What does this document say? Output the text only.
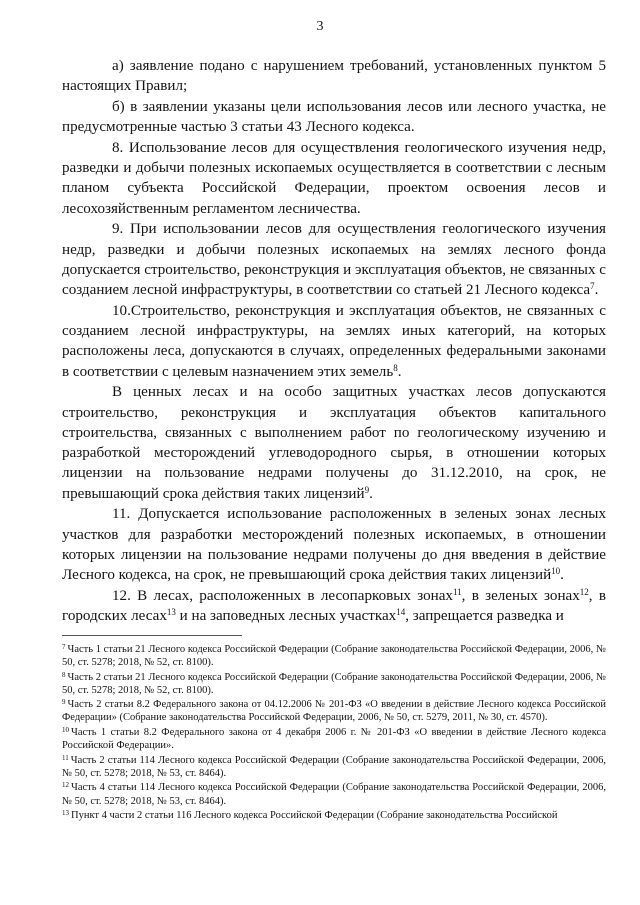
3

а) заявление подано с нарушением требований, установленных пунктом 5 настоящих Правил;

б) в заявлении указаны цели использования лесов или лесного участка, не предусмотренные частью 3 статьи 43 Лесного кодекса.

8. Использование лесов для осуществления геологического изучения недр, разведки и добычи полезных ископаемых осуществляется в соответствии с лесным планом субъекта Российской Федерации, проектом освоения лесов и лесохозяйственным регламентом лесничества.

9. При использовании лесов для осуществления геологического изучения недр, разведки и добычи полезных ископаемых на землях лесного фонда допускается строительство, реконструкция и эксплуатация объектов, не связанных с созданием лесной инфраструктуры, в соответствии со статьей 21 Лесного кодекса$^7$.

10.Строительство, реконструкция и эксплуатация объектов, не связанных с созданием лесной инфраструктуры, на землях иных категорий, на которых расположены леса, допускаются в случаях, определенных федеральными законами в соответствии с целевым назначением этих земель$^8$.

В ценных лесах и на особо защитных участках лесов допускаются строительство, реконструкция и эксплуатация объектов капитального строительства, связанных с выполнением работ по геологическому изучению и разработкой месторождений углеводородного сырья, в отношении которых лицензии на пользование недрами получены до 31.12.2010, на срок, не превышающий срока действия таких лицензий$^9$.

11. Допускается использование расположенных в зеленых зонах лесных участков для разработки месторождений полезных ископаемых, в отношении которых лицензии на пользование недрами получены до дня введения в действие Лесного кодекса, на срок, не превышающий срока действия таких лицензий$^{10}$.

12. В лесах, расположенных в лесопарковых зонах$^{11}$, в зеленых зонах$^{12}$, в городских лесах$^{13}$ и на заповедных лесных участках$^{14}$, запрещается разведка и

$^7$ Часть 1 статьи 21 Лесного кодекса Российской Федерации (Собрание законодательства Российской Федерации, 2006, № 50, ст. 5278; 2018, № 52, ст. 8100).
$^8$ Часть 2 статьи 21 Лесного кодекса Российской Федерации (Собрание законодательства Российской Федерации, 2006, № 50, ст. 5278; 2018, № 52, ст. 8100).
$^9$ Часть 2 статьи 8.2 Федерального закона от 04.12.2006 № 201-ФЗ «О введении в действие Лесного кодекса Российской Федерации» (Собрание законодательства Российской Федерации, 2006, № 50, ст. 5279, 2011, № 30, ст. 4570).
$^{10}$ Часть 1 статьи 8.2 Федерального закона от 4 декабря 2006 г. № 201-ФЗ «О введении в действие Лесного кодекса Российской Федерации».
$^{11}$ Часть 2 статьи 114 Лесного кодекса Российской Федерации (Собрание законодательства Российской Федерации, 2006, № 50, ст. 5278; 2018, № 53, ст. 8464).
$^{12}$ Часть 4 статьи 114 Лесного кодекса Российской Федерации (Собрание законодательства Российской Федерации, 2006, № 50, ст. 5278; 2018, № 53, ст. 8464).
$^{13}$ Пункт 4 части 2 статьи 116 Лесного кодекса Российской Федерации (Собрание законодательства Российской
